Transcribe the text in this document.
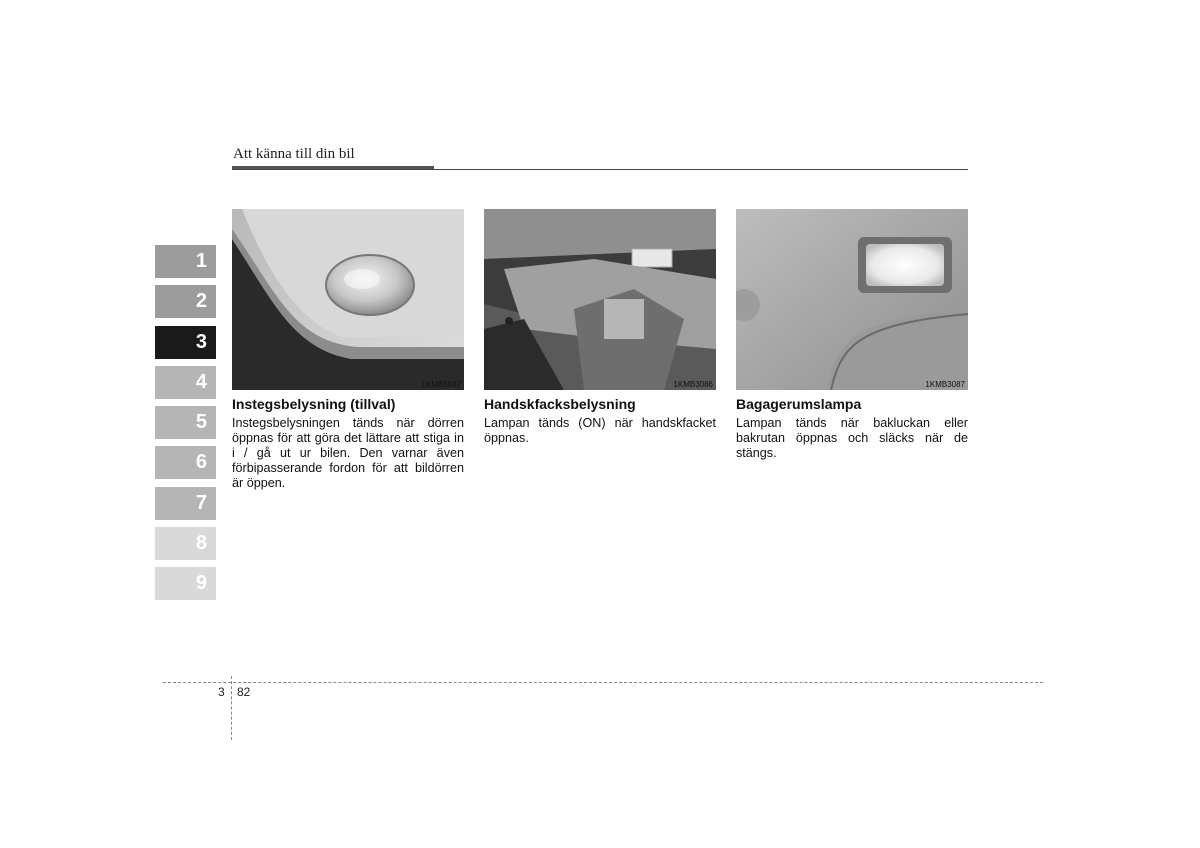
Att känna till din bil
1
2
3
4
5
6
7
8
9
1KMB5047
Instegsbelysning (tillval)
Instegsbelysningen tänds när dörren öppnas för att göra det lättare att stiga in i / gå ut ur bilen. Den varnar även förbipasserande fordon för att bildörren är öppen.
1KMB3086
Handskfacksbelysning
Lampan tänds (ON) när handskfacket öppnas.
1KMB3087
Bagagerumslampa
Lampan tänds när bakluckan eller bakrutan öppnas och släcks när de stängs.
3 82
